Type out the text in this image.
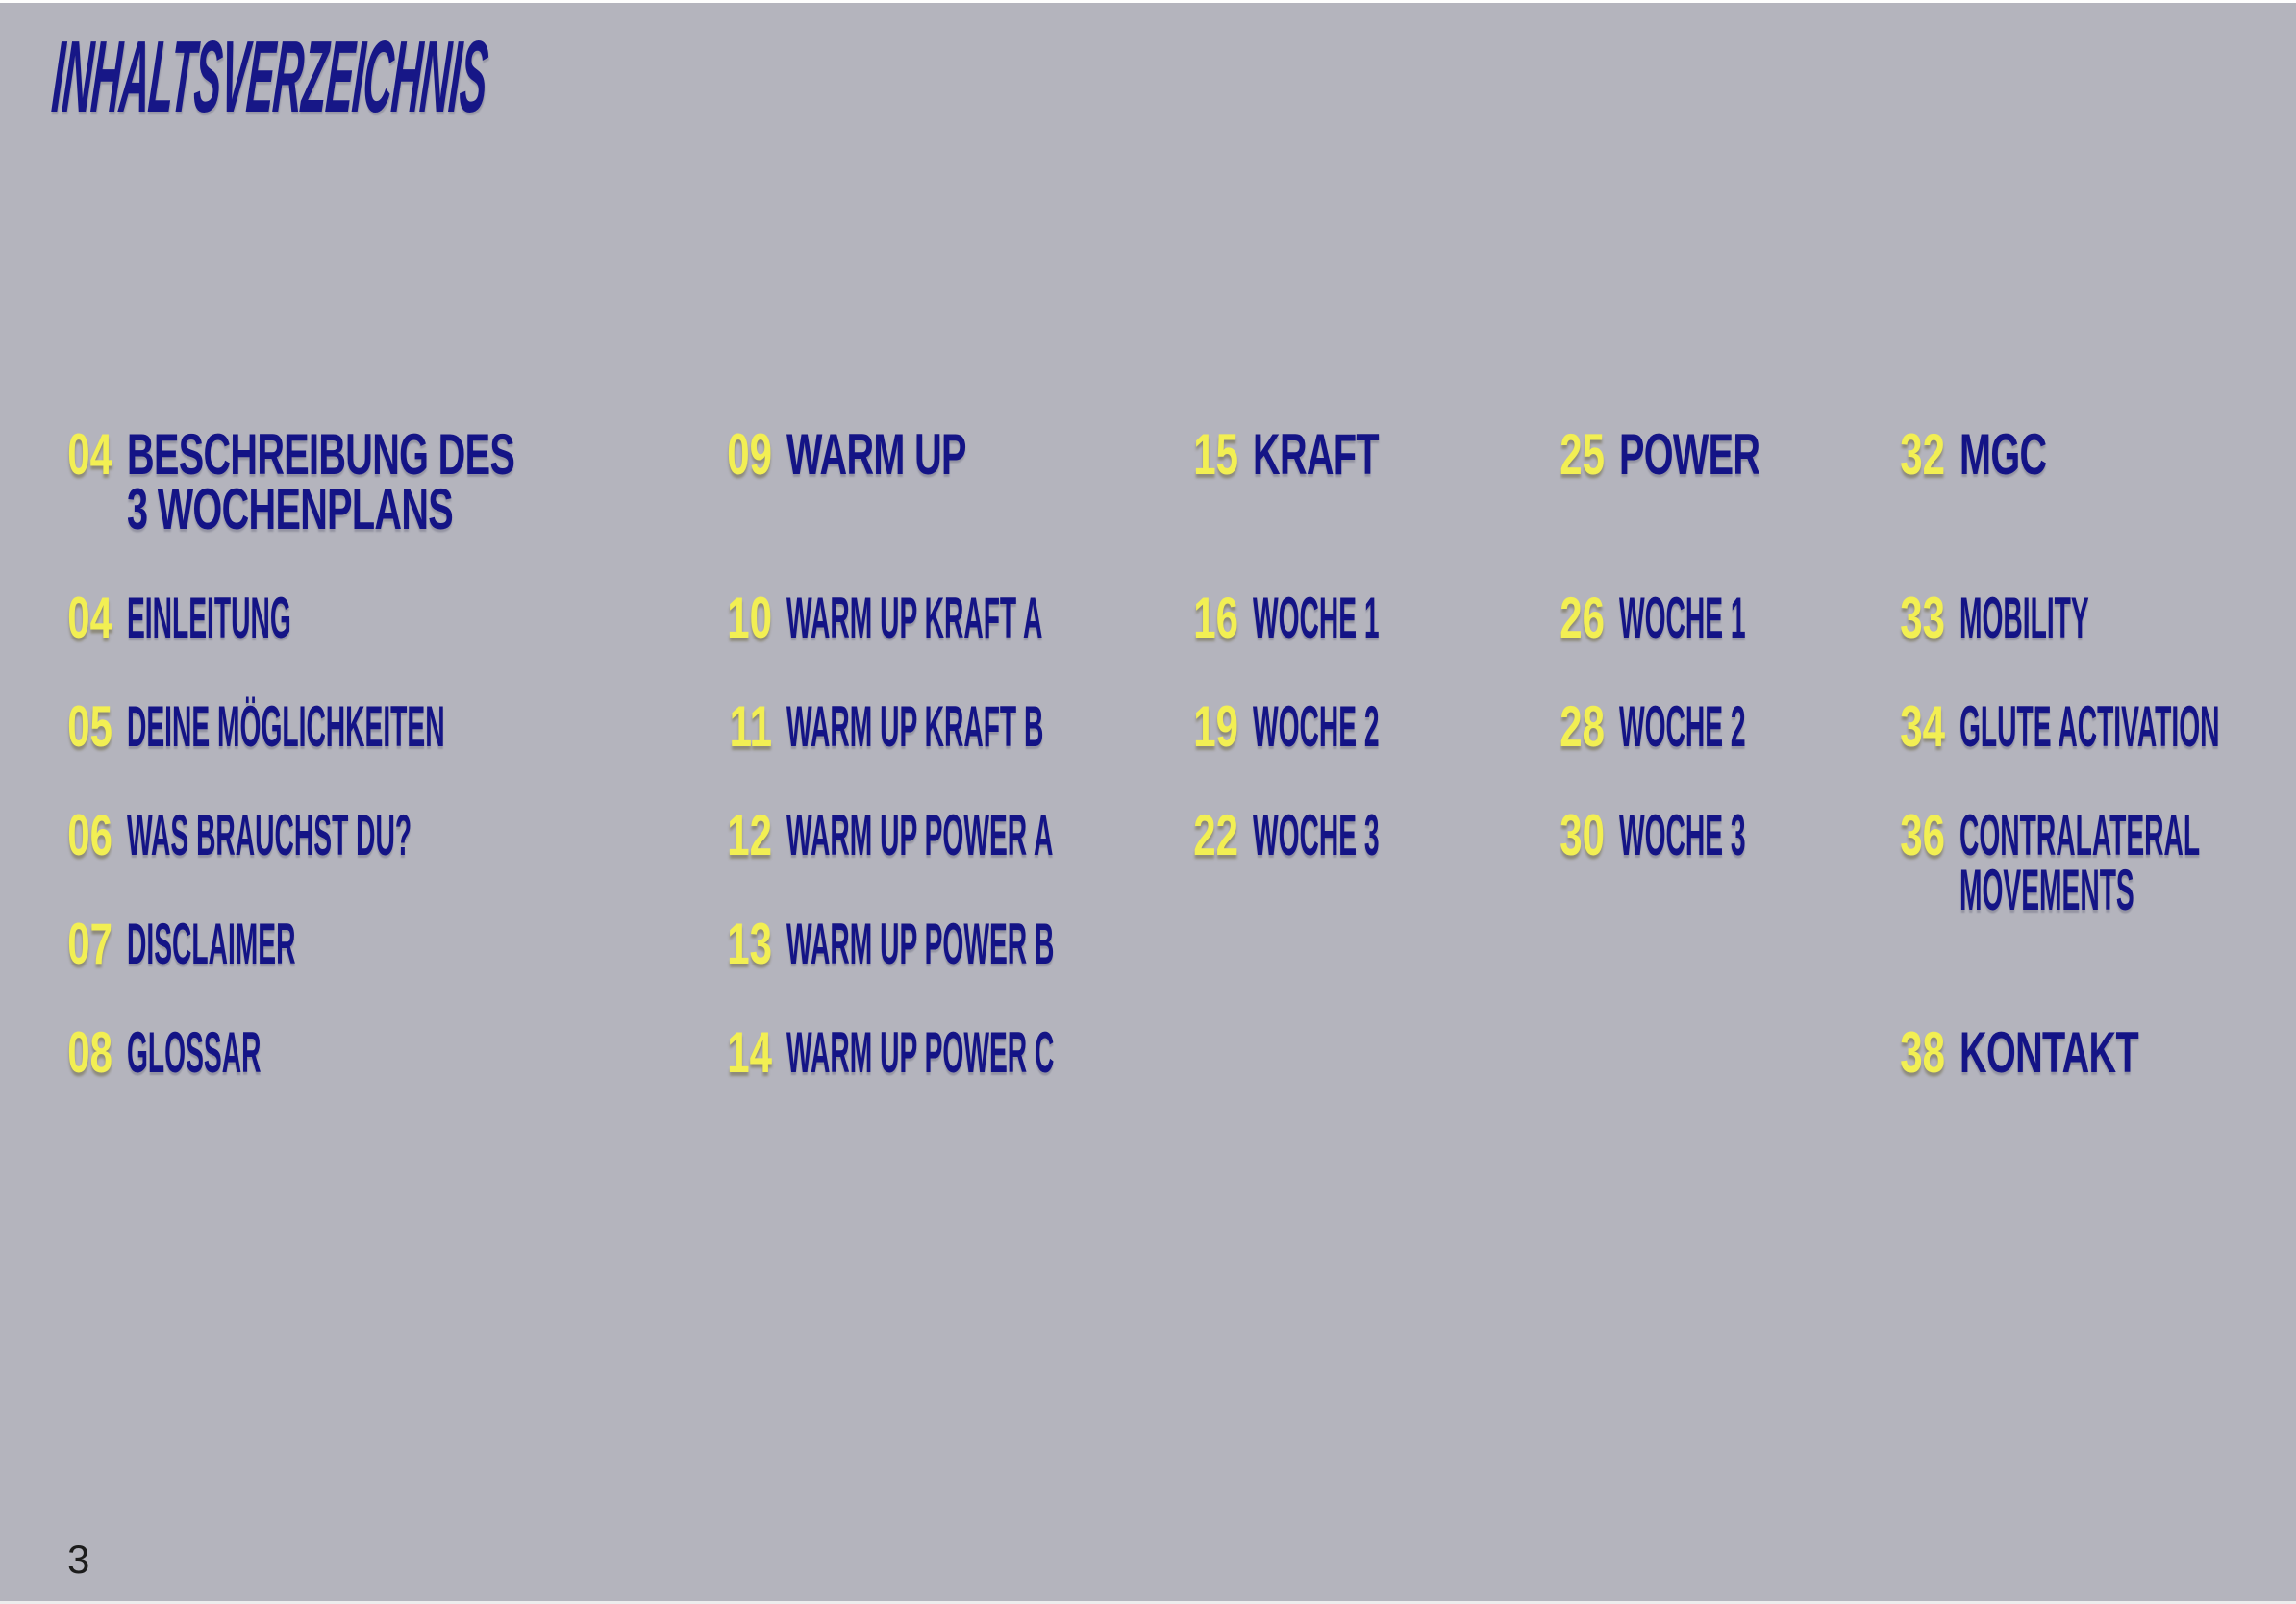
INHALTSVERZEICHNIS
04 BESCHREIBUNG DES
3 WOCHENPLANS
04 EINLEITUNG
05 DEINE MÖGLICHKEITEN
06 WAS BRAUCHST DU?
07 DISCLAIMER
08 GLOSSAR
09 WARM UP
10 WARM UP KRAFT A
11 WARM UP KRAFT B
12 WARM UP POWER A
13 WARM UP POWER B
14 WARM UP POWER C
15 KRAFT
16 WOCHE 1
19 WOCHE 2
22 WOCHE 3
25 POWER
26 WOCHE 1
28 WOCHE 2
30 WOCHE 3
32 MGC
33 MOBILITY
34 GLUTE ACTIVATION
36 CONTRALATERAL
MOVEMENTS
38 KONTAKT
3
